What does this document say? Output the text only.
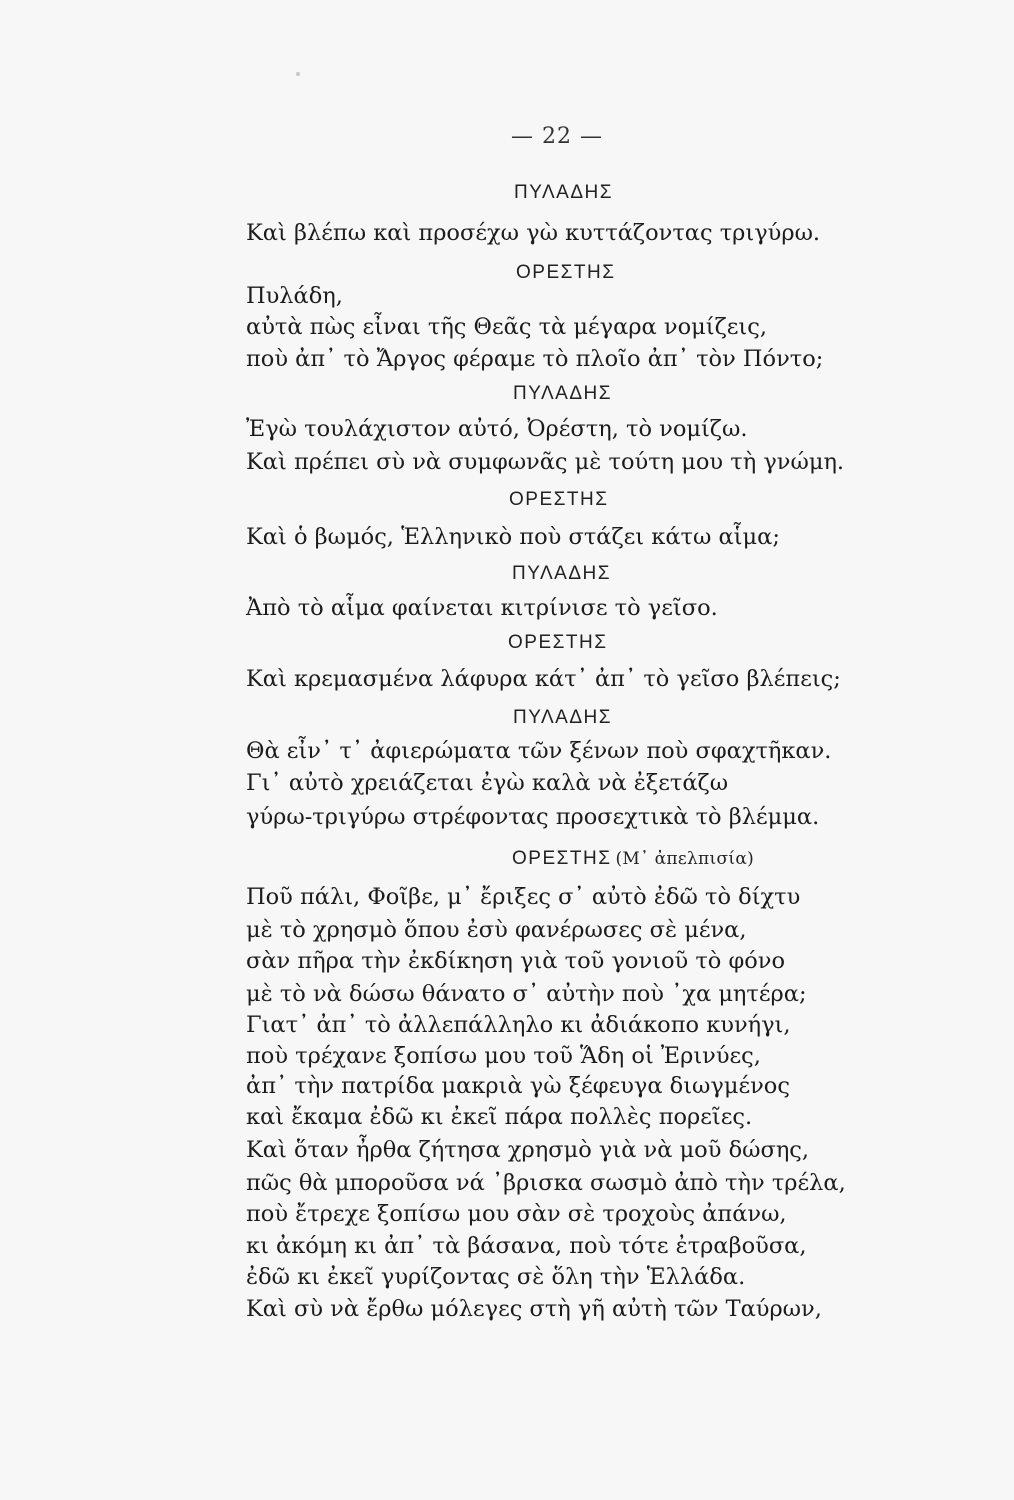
— 22 —
ΠΥΛΑΔΗΣ
Καὶ βλέπω καὶ προσέχω γὼ κυττάζοντας τριγύρω.
ΟΡΕΣΤΗΣ
Πυλάδη,
αὐτὰ πὼς εἶναι τῆς Θεᾶς τὰ μέγαρα νομίζεις,
ποὺ ἀπ᾽ τὸ Ἄργος φέραμε τὸ πλοῖο ἀπ᾽ τὸν Πόντο;
ΠΥΛΑΔΗΣ
Ἐγὼ τουλάχιστον αὐτό, Ὀρέστη, τὸ νομίζω.
Καὶ πρέπει σὺ νὰ συμφωνᾶς μὲ τούτη μου τὴ γνώμη.
ΟΡΕΣΤΗΣ
Καὶ ὁ βωμός, Ἑλληνικὸ ποὺ στάζει κάτω αἷμα;
ΠΥΛΑΔΗΣ
Ἀπὸ τὸ αἷμα φαίνεται κιτρίνισε τὸ γεῖσο.
ΟΡΕΣΤΗΣ
Καὶ κρεμασμένα λάφυρα κάτ᾽ ἀπ᾽ τὸ γεῖσο βλέπεις;
ΠΥΛΑΔΗΣ
Θὰ εἶν᾽ τ᾽ ἀφιερώματα τῶν ξένων ποὺ σφαχτῆκαν.
Γι᾽ αὐτὸ χρειάζεται ἐγὼ καλὰ νὰ ἐξετάζω
γύρω-τριγύρω στρέφοντας προσεχτικὰ τὸ βλέμμα.
ΟΡΕΣΤΗΣ (Μ᾽ ἀπελπισία)
Ποῦ πάλι, Φοῖβε, μ᾽ ἔριξες σ᾽ αὐτὸ ἐδῶ τὸ δίχτυ
μὲ τὸ χρησμὸ ὅπου ἐσὺ φανέρωσες σὲ μένα,
σὰν πῆρα τὴν ἐκδίκηση γιὰ τοῦ γονιοῦ τὸ φόνο
μὲ τὸ νὰ δώσω θάνατο σ᾽ αὐτὴν ποὺ ᾽χα μητέρα;
Γιατ᾽ ἀπ᾽ τὸ ἀλλεπάλληλο κι ἀδιάκοπο κυνήγι,
ποὺ τρέχανε ξοπίσω μου τοῦ Ἅδη οἱ Ἐρινύες,
ἀπ᾽ τὴν πατρίδα μακριὰ γὼ ξέφευγα διωγμένος
καὶ ἔκαμα ἐδῶ κι ἐκεῖ πάρα πολλὲς πορεῖες.
Καὶ ὅταν ἦρθα ζήτησα χρησμὸ γιὰ νὰ μοῦ δώσης,
πῶς θὰ μποροῦσα νά ᾽βρισκα σωσμὸ ἀπὸ τὴν τρέλα,
ποὺ ἔτρεχε ξοπίσω μου σὰν σὲ τροχοὺς ἀπάνω,
κι ἀκόμη κι ἀπ᾽ τὰ βάσανα, ποὺ τότε ἐτραβοῦσα,
ἐδῶ κι ἐκεῖ γυρίζοντας σὲ ὅλη τὴν Ἑλλάδα.
Καὶ σὺ νὰ ἔρθω μόλεγες στὴ γῆ αὐτὴ τῶν Ταύρων,
